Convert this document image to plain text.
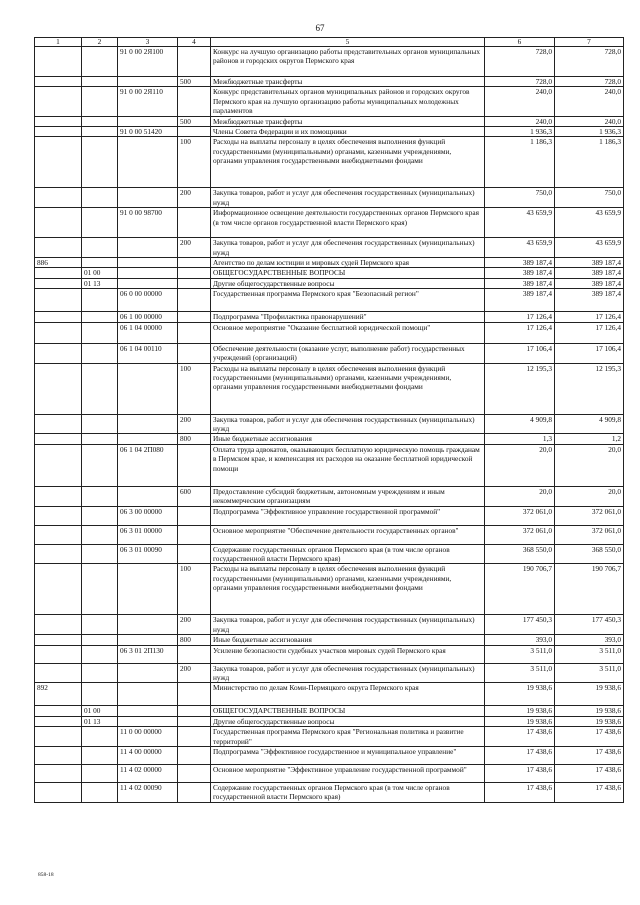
67
1	2	3	4	5	6	7
		91 0 00 2Я100		Конкурс на лучшую организацию работы представительных органов муниципальных районов и городских округов Пермского края	728,0	728,0
			500	Межбюджетные трансферты	728,0	728,0
		91 0 00 2Я110		Конкурс представительных органов муниципальных районов и городских округов Пермского края на лучшую организацию работы муниципальных молодежных парламентов	240,0	240,0
			500	Межбюджетные трансферты	240,0	240,0
		91 0 00 51420		Члены Совета Федерации и их помощники	1 936,3	1 936,3
			100	Расходы на выплаты персоналу в целях обеспечения выполнения функций государственными (муниципальными) органами, казенными учреждениями, органами управления государственными внебюджетными фондами	1 186,3	1 186,3
			200	Закупка товаров, работ и услуг для обеспечения государственных (муниципальных) нужд	750,0	750,0
		91 0 00 98700		Информационное освещение деятельности государственных органов Пермского края (в том числе органов государственной власти Пермского края)	43 659,9	43 659,9
			200	Закупка товаров, работ и услуг для обеспечения государственных (муниципальных) нужд	43 659,9	43 659,9
886				Агентство по делам юстиции и мировых судей Пермского края	389 187,4	389 187,4
	01 00			ОБЩЕГОСУДАРСТВЕННЫЕ ВОПРОСЫ	389 187,4	389 187,4
	01 13			Другие общегосударственные вопросы	389 187,4	389 187,4
		06 0 00 00000		Государственная программа Пермского края "Безопасный регион"	389 187,4	389 187,4
		06 1 00 00000		Подпрограмма "Профилактика правонарушений"	17 126,4	17 126,4
		06 1 04 00000		Основное мероприятие "Оказание бесплатной юридической помощи"	17 126,4	17 126,4
		06 1 04 00110		Обеспечение деятельности (оказание услуг, выполнение работ) государственных учреждений (организаций)	17 106,4	17 106,4
			100	Расходы на выплаты персоналу в целях обеспечения выполнения функций государственными (муниципальными) органами, казенными учреждениями, органами управления государственными внебюджетными фондами	12 195,3	12 195,3
			200	Закупка товаров, работ и услуг для обеспечения государственных (муниципальных) нужд	4 909,8	4 909,8
			800	Иные бюджетные ассигнования	1,3	1,2
		06 1 04 2П080		Оплата труда адвокатов, оказывающих бесплатную юридическую помощь гражданам в Пермском крае, и компенсация их расходов на оказание бесплатной юридической помощи	20,0	20,0
			600	Предоставление субсидий бюджетным, автономным учреждениям и иным некоммерческим организациям	20,0	20,0
		06 3 00 00000		Подпрограмма "Эффективное управление государственной программой"	372 061,0	372 061,0
		06 3 01 00000		Основное мероприятие "Обеспечение деятельности государственных органов"	372 061,0	372 061,0
		06 3 01 00090		Содержание государственных органов Пермского края (в том числе органов государственной власти Пермского края)	368 550,0	368 550,0
			100	Расходы на выплаты персоналу в целях обеспечения выполнения функций государственными (муниципальными) органами, казенными учреждениями, органами управления государственными внебюджетными фондами	190 706,7	190 706,7
			200	Закупка товаров, работ и услуг для обеспечения государственных (муниципальных) нужд	177 450,3	177 450,3
			800	Иные бюджетные ассигнования	393,0	393,0
		06 3 01 2П130		Усиление безопасности судебных участков мировых судей Пермского края	3 511,0	3 511,0
			200	Закупка товаров, работ и услуг для обеспечения государственных (муниципальных) нужд	3 511,0	3 511,0
892				Министерство по делам Коми-Пермяцкого округа Пермского края	19 938,6	19 938,6
	01 00			ОБЩЕГОСУДАРСТВЕННЫЕ ВОПРОСЫ	19 938,6	19 938,6
	01 13			Другие общегосударственные вопросы	19 938,6	19 938,6
		11 0 00 00000		Государственная программа Пермского края "Региональная политика и развитие территорий"	17 438,6	17 438,6
		11 4 00 00000		Подпрограмма "Эффективное государственное и муниципальное управление"	17 438,6	17 438,6
		11 4 02 00000		Основное мероприятие "Эффективное управление государственной программой"	17 438,6	17 438,6
		11 4 02 00090		Содержание государственных органов Пермского края (в том числе органов государственной власти Пермского края)	17 438,6	17 438,6
858-18
